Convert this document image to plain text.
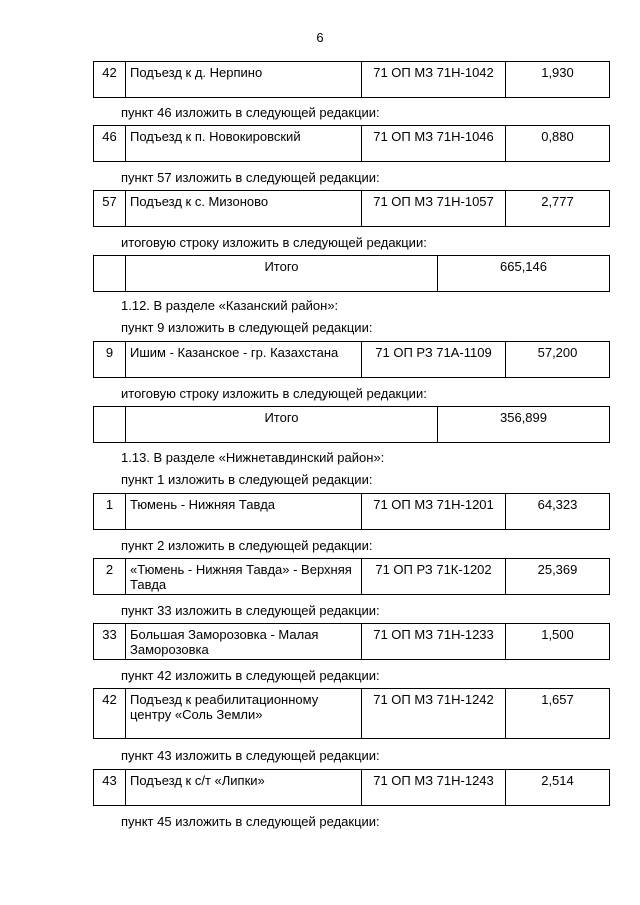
6
42	Подъезд к д. Нерпино	71 ОП МЗ 71Н-1042	1,930
пункт 46 изложить в следующей редакции:
46	Подъезд к п. Новокировский	71 ОП МЗ 71Н-1046	0,880
пункт 57 изложить в следующей редакции:
57	Подъезд к с. Мизоново	71 ОП МЗ 71Н-1057	2,777
итоговую строку изложить в следующей редакции:
	Итого	665,146
1.12. В разделе «Казанский район»:
пункт 9 изложить в следующей редакции:
9	Ишим - Казанское - гр. Казахстана	71 ОП РЗ 71А-1109	57,200
итоговую строку изложить в следующей редакции:
	Итого	356,899
1.13. В разделе «Нижнетавдинский район»:
пункт 1 изложить в следующей редакции:
1	Тюмень - Нижняя Тавда	71 ОП МЗ 71Н-1201	64,323
пункт 2 изложить в следующей редакции:
2	«Тюмень - Нижняя Тавда» - Верхняя Тавда	71 ОП РЗ 71К-1202	25,369
пункт 33 изложить в следующей редакции:
33	Большая Заморозовка - Малая Заморозовка	71 ОП МЗ 71Н-1233	1,500
пункт 42 изложить в следующей редакции:
42	Подъезд к реабилитационному центру «Соль Земли»	71 ОП МЗ 71Н-1242	1,657
пункт 43 изложить в следующей редакции:
43	Подъезд к с/т «Липки»	71 ОП МЗ 71Н-1243	2,514
пункт 45 изложить в следующей редакции:
